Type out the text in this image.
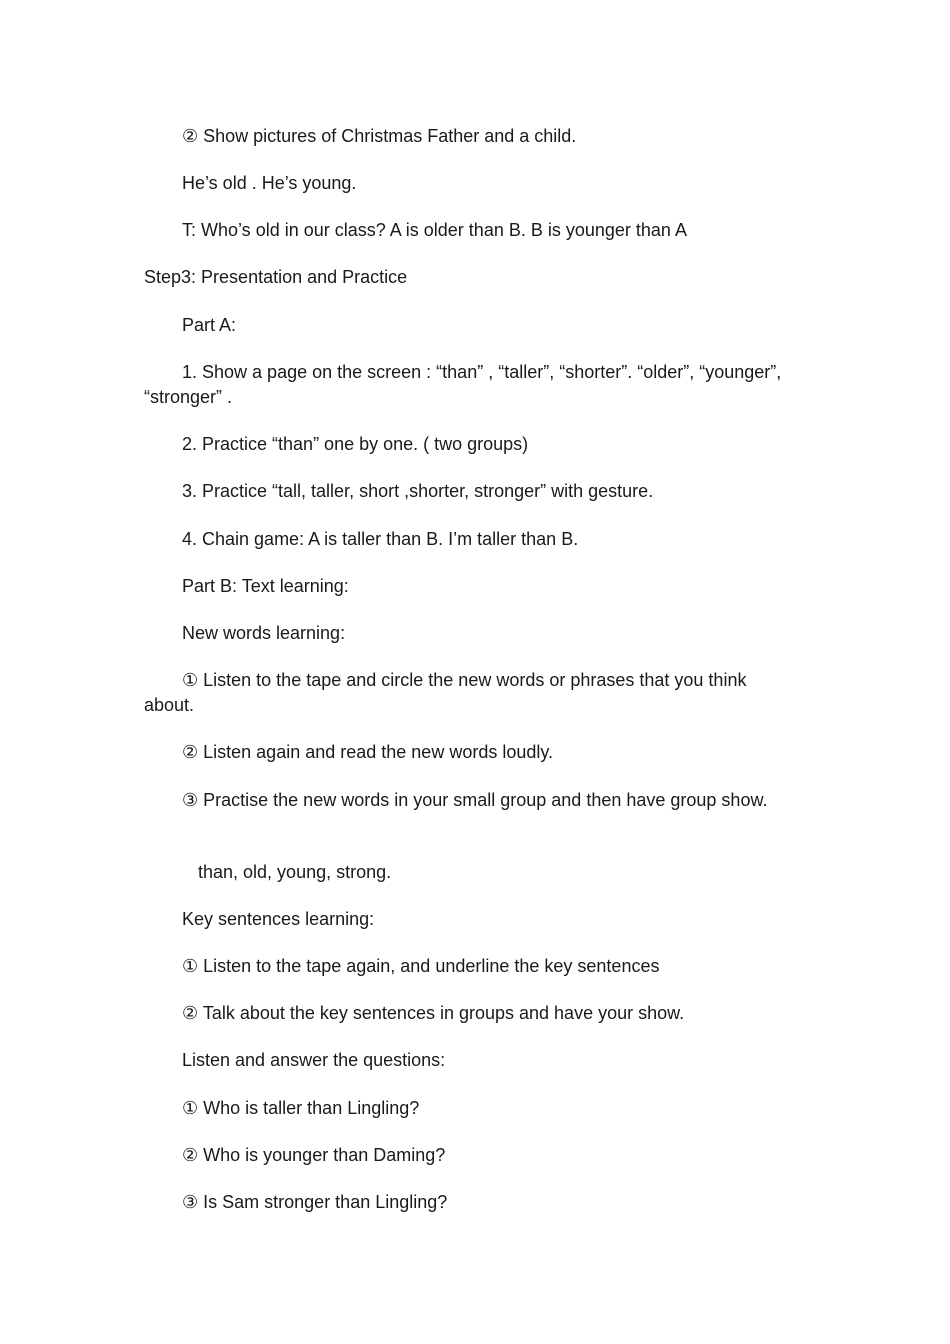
② Show pictures of Christmas Father and a child.
He’s old . He’s young.
T: Who’s old in our class? A is older than B. B is younger than A
Step3: Presentation and Practice
Part A:
1. Show a page on the screen : “than” , “taller”, “shorter”. “older”, “younger”, “stronger” .
2. Practice “than” one by one. ( two groups)
3. Practice “tall, taller, short ,shorter, stronger” with gesture.
4. Chain game: A is taller than B. I’m taller than B.
Part B: Text learning:
New words learning:
① Listen to the tape and circle the new words or phrases that you think about.
② Listen again and read the new words loudly.
③ Practise the new words in your small group and then have group show.
than, old, young, strong.
Key sentences learning:
① Listen to the tape again, and underline the key sentences
② Talk about the key sentences in groups and have your show.
Listen and answer the questions:
① Who is taller than Lingling?
② Who is younger than Daming?
③ Is Sam stronger than Lingling?
